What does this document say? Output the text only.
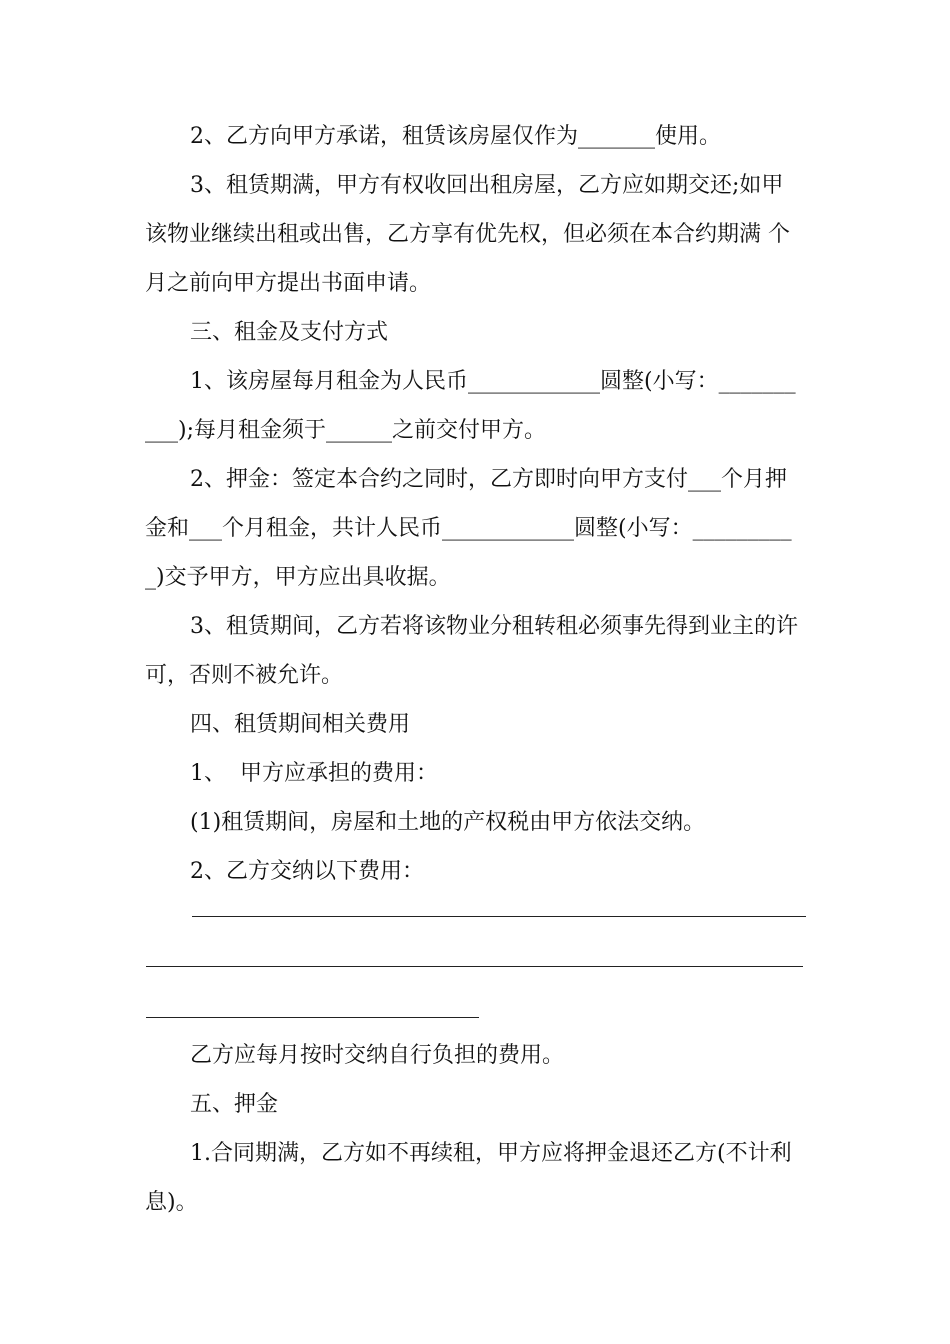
2、乙方向甲方承诺，租赁该房屋仅作为_______使用。
3、租赁期满，甲方有权收回出租房屋，乙方应如期交还;如甲
该物业继续出租或出售，乙方享有优先权，但必须在本合约期满 个
月之前向甲方提出书面申请。
三、租金及支付方式
1、该房屋每月租金为人民币____________圆整(小写：_______
___);每月租金须于______之前交付甲方。
2、押金：签定本合约之同时，乙方即时向甲方支付___个月押
金和___个月租金，共计人民币____________圆整(小写：_________
_)交予甲方，甲方应出具收据。
3、租赁期间，乙方若将该物业分租转租必须事先得到业主的许
可，否则不被允许。
四、租赁期间相关费用
1、  甲方应承担的费用：
(1)租赁期间，房屋和土地的产权税由甲方依法交纳。
2、乙方交纳以下费用：
乙方应每月按时交纳自行负担的费用。
五、押金
1.合同期满，乙方如不再续租，甲方应将押金退还乙方(不计利
息)。
